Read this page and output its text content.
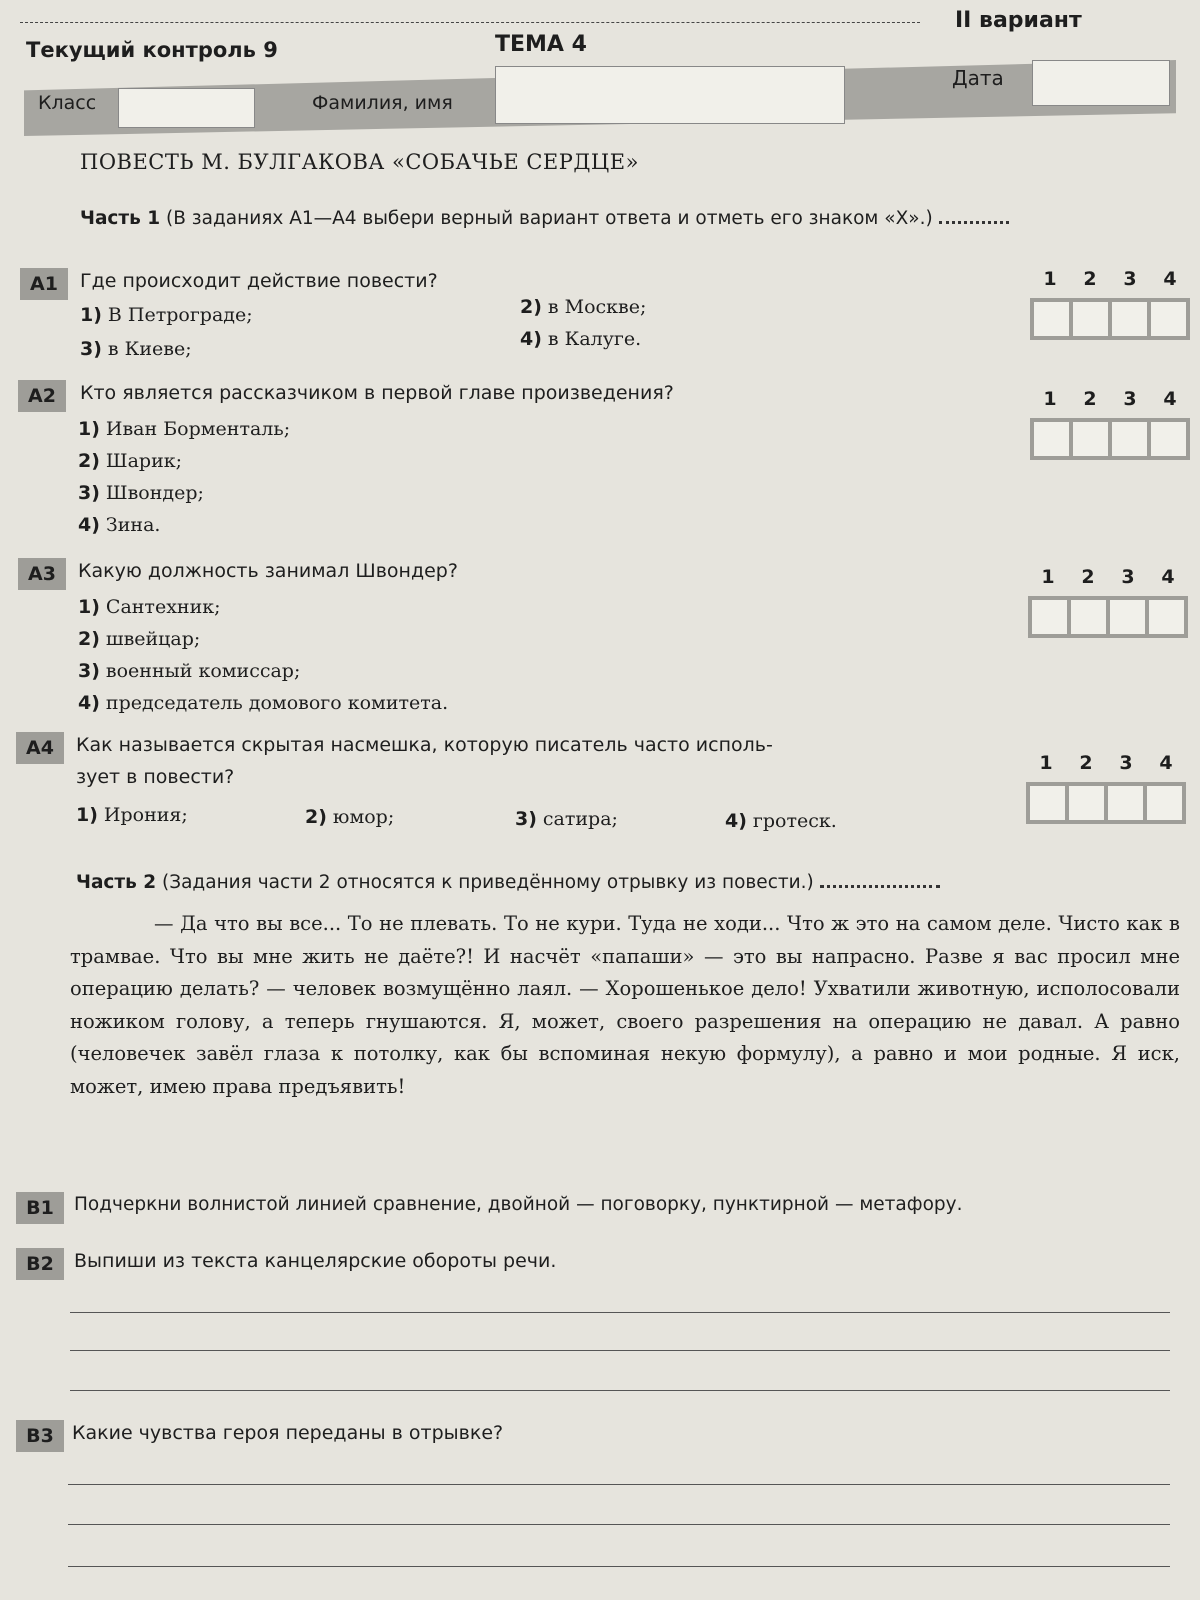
II вариант
Текущий контроль 9	ТЕМА 4
Класс	Фамилия, имя
Дата
ПОВЕСТЬ М. БУЛГАКОВА «СОБАЧЬЕ СЕРДЦЕ»
Часть 1 (В заданиях А1—А4 выбери верный вариант ответа и отметь его знаком «X».)
А1	Где происходит действие повести?
1) В Петрограде;	2) в Москве;
3) в Киеве;	4) в Калуге.
1 2 3 4
А2	Кто является рассказчиком в первой главе произведения?
1) Иван Борменталь;
2) Шарик;
3) Швондер;
4) Зина.
1 2 3 4
А3	Какую должность занимал Швондер?
1) Сантехник;
2) швейцар;
3) военный комиссар;
4) председатель домового комитета.
1 2 3 4
А4	Как называется скрытая насмешка, которую писатель часто исполь-
зует в повести?
1) Ирония;	2) юмор;	3) сатира;	4) гротеск.
1 2 3 4
Часть 2 (Задания части 2 относятся к приведённому отрывку из повести.)

— Да что вы все... То не плевать. То не кури. Туда не ходи... Что ж это на самом деле. Чисто как в трамвае. Что вы мне жить не даёте?! И насчёт «папаши» — это вы напрасно. Разве я вас просил мне операцию делать? — человек возмущённо лаял. — Хорошенькое дело! Ухватили животную, исполосовали ножиком голову, а теперь гнушаются. Я, может, своего разрешения на операцию не давал. А равно (человечек завёл глаза к потолку, как бы вспоминая некую формулу), а равно и мои родные. Я иск, может, имею права предъявить!

В1	Подчеркни волнистой линией сравнение, двойной — поговорку, пунктирной — метафору.
В2	Выпиши из текста канцелярские обороты речи.
В3 Какие чувства героя переданы в отрывке?
